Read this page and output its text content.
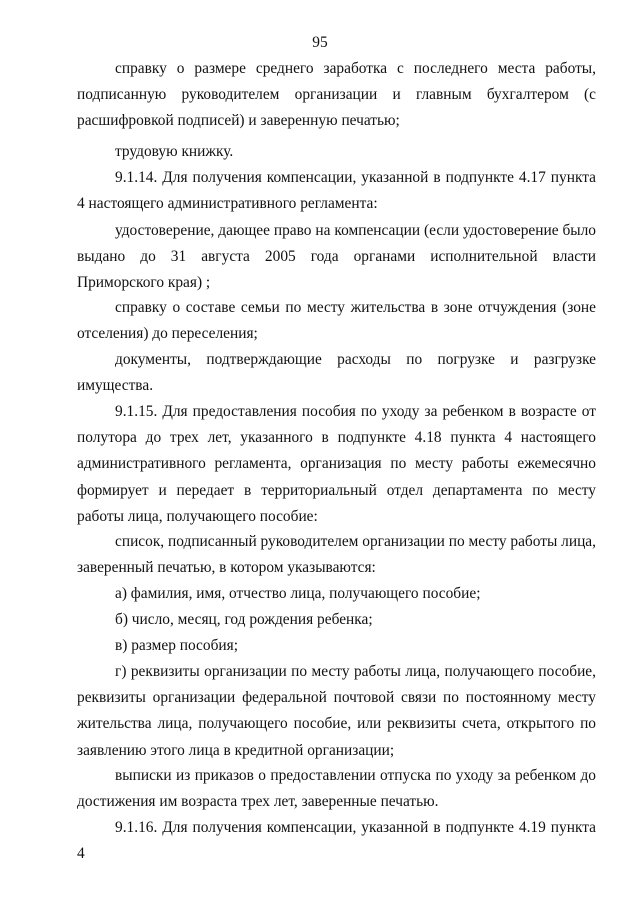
95
справку о размере среднего заработка с последнего места работы, подписанную руководителем организации и главным бухгалтером (с расшифровкой подписей) и заверенную печатью;
трудовую книжку.
9.1.14. Для получения компенсации, указанной в подпункте 4.17 пункта 4 настоящего административного регламента:
удостоверение, дающее право на компенсации (если удостоверение было выдано до 31 августа 2005 года органами исполнительной власти Приморского края) ;
справку о составе семьи по месту жительства в зоне отчуждения (зоне отселения) до переселения;
документы, подтверждающие расходы по погрузке и разгрузке имущества.
9.1.15. Для предоставления пособия по уходу за ребенком в возрасте от полутора до трех лет, указанного в подпункте 4.18 пункта 4 настоящего административного регламента, организация по месту работы ежемесячно формирует и передает в территориальный отдел департамента по месту работы лица, получающего пособие:
список, подписанный руководителем организации по месту работы лица, заверенный печатью, в котором указываются:
а) фамилия, имя, отчество лица, получающего пособие;
б) число, месяц, год рождения ребенка;
в) размер пособия;
г) реквизиты организации по месту работы лица, получающего пособие, реквизиты организации федеральной почтовой связи по постоянному месту жительства лица, получающего пособие, или реквизиты счета, открытого по заявлению этого лица в кредитной организации;
выписки из приказов о предоставлении отпуска по уходу за ребенком до достижения им возраста трех лет, заверенные печатью.
9.1.16. Для получения компенсации, указанной в подпункте 4.19 пункта 4
